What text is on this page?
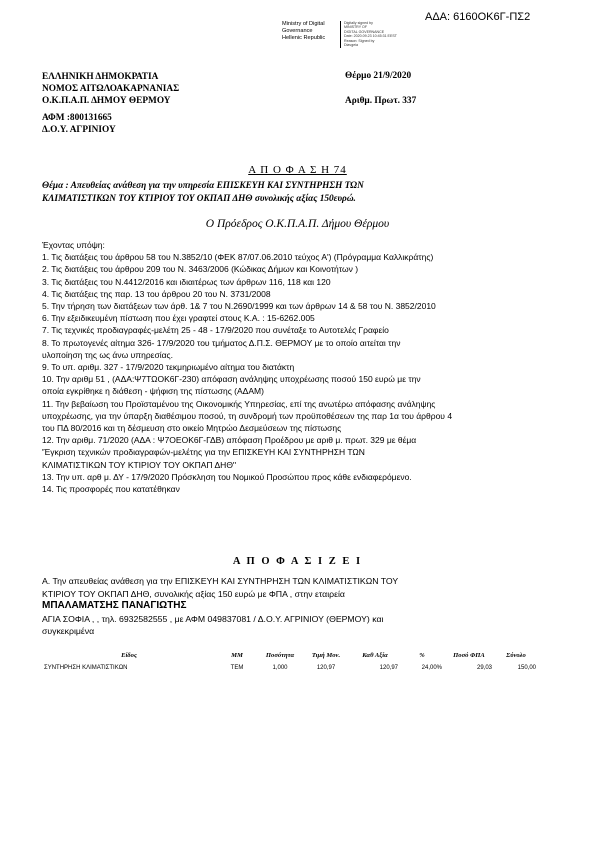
ΑΔΑ: 6160ΟΚ6Γ-ΠΣ2
Ministry of Digital
Governance
Hellenic Republic
Digitally signed by
MINISTRY OF
DIGITAL GOVERNANCE
Date: 2020.09.23 10:45:31 EEST
Reason: Signed by
Diavgeia
ΕΛΛΗΝΙΚΗ ΔΗΜΟΚΡΑΤΙΑ
ΝΟΜΟΣ ΑΙΤΩΛΟΑΚΑΡΝΑΝΙΑΣ
Ο.Κ.Π.Α.Π. ΔΗΜΟΥ ΘΕΡΜΟΥ
ΑΦΜ :800131665
Δ.Ο.Υ. ΑΓΡΙΝΙΟΥ
Θέρμο 21/9/2020
Αριθμ. Πρωτ. 337
Α Π Ο Φ Α Σ Η 74
Θέμα : Απευθείας ανάθεση για την υπηρεσία ΕΠΙΣΚΕΥΗ ΚΑΙ ΣΥΝΤΗΡΗΣΗ ΤΩΝ
ΚΛΙΜΑΤΙΣΤΙΚΩΝ ΤΟΥ ΚΤΙΡΙΟΥ ΤΟΥ ΟΚΠΑΠ ΔΗΘ συνολικής αξίας 150ευρώ.
Ο Πρόεδρος Ο.Κ.Π.Α.Π. Δήμου Θέρμου
Έχοντας υπόψη:
1. Τις διατάξεις του άρθρου 58 του Ν.3852/10 (ΦΕΚ 87/07.06.2010 τεύχος Α') (Πρόγραμμα Καλλικράτης)
2. Τις διατάξεις του άρθρου 209 του Ν. 3463/2006 (Κώδικας Δήμων και Κοινοτήτων )
3. Τις διατάξεις του Ν.4412/2016 και ιδιαιτέρως των άρθρων 116, 118 και 120
4. Τις διατάξεις της παρ. 13 του άρθρου 20 του Ν. 3731/2008
5. Την τήρηση των διατάξεων των άρθ. 1& 7 του Ν.2690/1999 και των άρθρων 14 & 58 του Ν. 3852/2010
6. Την εξειδικευμένη πίστωση που έχει γραφτεί στους Κ.Α. : 15-6262.005
7. Τις τεχνικές προδιαγραφές-μελέτη 25 - 48 - 17/9/2020 που συνέταξε το Αυτοτελές Γραφείο
8. Το πρωτογενές αίτημα 326- 17/9/2020 του τμήματος Δ.Π.Σ. ΘΕΡΜΟΥ με το οποίο αιτείται την
υλοποίηση της ως άνω υπηρεσίας.
9. Το υπ. αριθμ. 327 - 17/9/2020 τεκμηριωμένο αίτημα του διατάκτη
10. Την αριθμ 51 , (ΑΔΑ:Ψ7ΤΩΟΚ6Γ-230) απόφαση ανάληψης υποχρέωσης ποσού 150 ευρώ με την
οποία εγκρίθηκε η διάθεση - ψήφιση της πίστωσης (ΑΔΑΜ)
11. Την βεβαίωση του Προϊσταμένου της Οικονομικής Υπηρεσίας, επί της ανωτέρω απόφασης ανάληψης
υποχρέωσης, για την ύπαρξη διαθέσιμου ποσού, τη συνδρομή των προϋποθέσεων της παρ 1α του άρθρου 4
του ΠΔ 80/2016 και τη δέσμευση στο οικείο Μητρώο Δεσμεύσεων της πίστωσης
12. Την αριθμ. 71/2020 (ΑΔΑ : Ψ7ΟΕΟΚ6Γ-ΓΔΒ) απόφαση Προέδρου με αριθ μ. πρωτ. 329 με θέμα
'Έγκριση τεχνικών προδιαγραφών-μελέτης για την ΕΠΙΣΚΕΥΗ ΚΑΙ ΣΥΝΤΗΡΗΣΗ ΤΩΝ
ΚΛΙΜΑΤΙΣΤΙΚΩΝ ΤΟΥ ΚΤΙΡΙΟΥ ΤΟΥ ΟΚΠΑΠ ΔΗΘ''
13. Την υπ. αρθ μ. ΔΥ - 17/9/2020 Πρόσκληση του Νομικού Προσώπου προς κάθε ενδιαφερόμενο.
14. Τις προσφορές που κατατέθηκαν
Α Π Ο Φ Α Σ Ι Ζ Ε Ι
Α. Την απευθείας ανάθεση για την ΕΠΙΣΚΕΥΗ ΚΑΙ ΣΥΝΤΗΡΗΣΗ ΤΩΝ ΚΛΙΜΑΤΙΣΤΙΚΩΝ ΤΟΥ
ΚΤΙΡΙΟΥ ΤΟΥ ΟΚΠΑΠ ΔΗΘ, συνολικής αξίας 150 ευρώ με ΦΠΑ , στην εταιρεία
ΜΠΑΛΑΜΑΤΣΗΣ ΠΑΝΑΓΙΩΤΗΣ
ΑΓΙΑ ΣΟΦΙΑ , , τηλ. 6932582555 , με ΑΦΜ 049837081 / Δ.Ο.Υ. ΑΓΡΙΝΙΟΥ (ΘΕΡΜΟΥ) και
συγκεκριμένα
Είδος	ΜΜ	Ποσότητα	Τιμή Μον.	Καθ Αξία	%	Ποσό ΦΠΑ	Σύνολο
ΣΥΝΤΗΡΗΣΗ ΚΛΙΜΑΤΙΣΤΙΚΩΝ	TEM	1,000	120,97	120,97	24,00%	29,03	150,00
